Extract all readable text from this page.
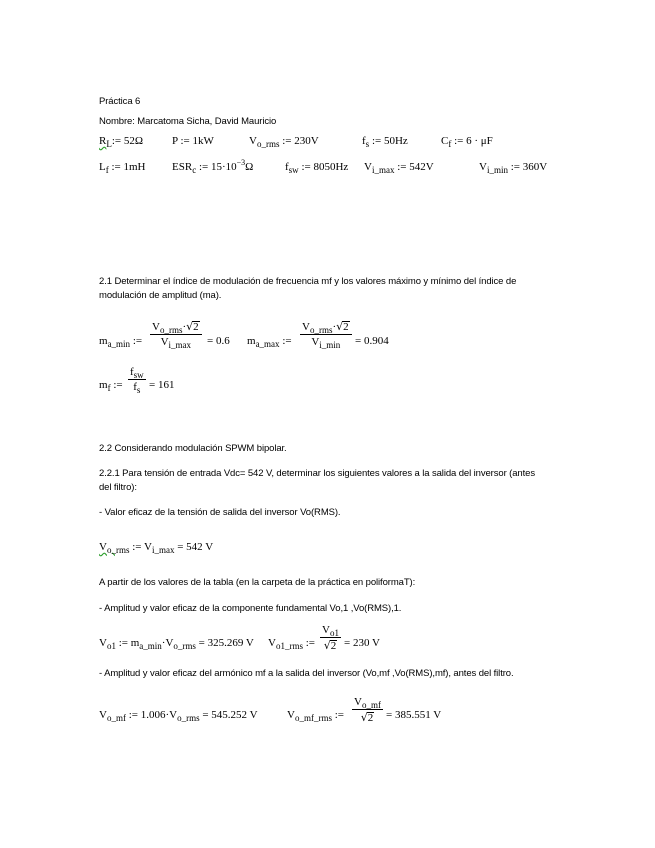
Práctica 6
Nombre: Marcatoma Sicha, David Mauricio
$R_L:= 52\Omega$	P := 1kW	$V_{o\_rms}$ := 230V	$f_s$ := 50Hz	$C_f$ := 6 · μF
$L_f$ := 1mH $ESR_c$ := $15\cdot 10^{-3}\Omega$	$f_{sw}$ := 8050Hz $V_{i\_max}$ := 542V	$V_{i\_min}$ := 360V
2.1 Determinar el índice de modulación de frecuencia mf y los valores máximo y mínimo del índice de modulación de amplitud (ma).
$m_{a\_min}$ :=
$V_{o\_rms}\cdot√2$
$V_{i\_max}$	= 0.6 $m_{a\_max}$ :=
$V_{o\_rms}\cdot√2$
$V_{i\_min}$	= 0.904
$m_f$ :=
$f_{sw}$
$f_s = 161$
2.2 Considerando modulación SPWM bipolar.
2.2.1 Para tensión de entrada Vdc= 542 V, determinar los siguientes valores a la salida del inversor (antes del filtro):
- Valor eficaz de la tensión de salida del inversor Vo(RMS).
$V_{o\_rms}$ := $V_{i\_max} = 542$ V
A partir de los valores de la tabla (en la carpeta de la práctica en poliformaT):
- Amplitud y valor eficaz de la componente fundamental Vo,1 ,Vo(RMS),1.
$V_{o1}$ := $m_{a\_min}\cdot V_{o\_rms} = 325.269$ V $V_{o1\_rms}$ := $\frac{V_{o1}}{√2} = 230$ V
- Amplitud y valor eficaz del armónico mf a la salida del inversor (Vo,mf ,Vo(RMS),mf), antes del filtro.
$V_{o\_mf}$ := $1.006\cdot V_{o\_rms} = 545.252$ V	$V_{o\_mf\_rms}$ := $\frac{V_{o\_mf}}{√2} = 385.551$ V
